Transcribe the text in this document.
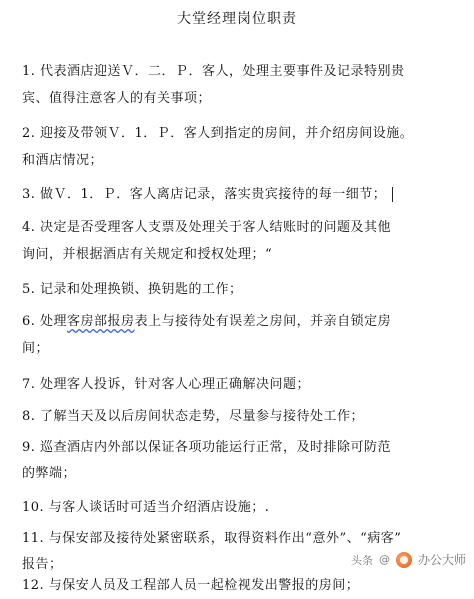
大堂经理岗位职责
1. 代表酒店迎送Ｖ．二．Ｐ．客人，处理主要事件及记录特别贵
宾、值得注意客人的有关事项；
2. 迎接及带领Ｖ．1．Ｐ．客人到指定的房间，并介绍房间设施。
和酒店情况；
3. 做Ｖ．1．Ｐ．客人离店记录，落实贵宾接待的每一细节；
4. 决定是否受理客人支票及处理关于客人结账时的问题及其他
询问，并根据酒店有关规定和授权处理；“
5. 记录和处理换锁、换钥匙的工作；
6. 处理客房部报房表上与接待处有误差之房间，并亲自锁定房
间；
7. 处理客人投诉，针对客人心理正确解决问题；
8. 了解当天及以后房间状态走势，尽量参与接待处工作；
9. 巡查酒店内外部以保证各项功能运行正常，及时排除可防范
的弊端；
10. 与客人谈话时可适当介绍酒店设施；.
11. 与保安部及接待处紧密联系，取得资料作出“意外”、“病客”
报告；
12. 与保安人员及工程部人员一起检视发出警报的房间；
头条 @ 办公大师
